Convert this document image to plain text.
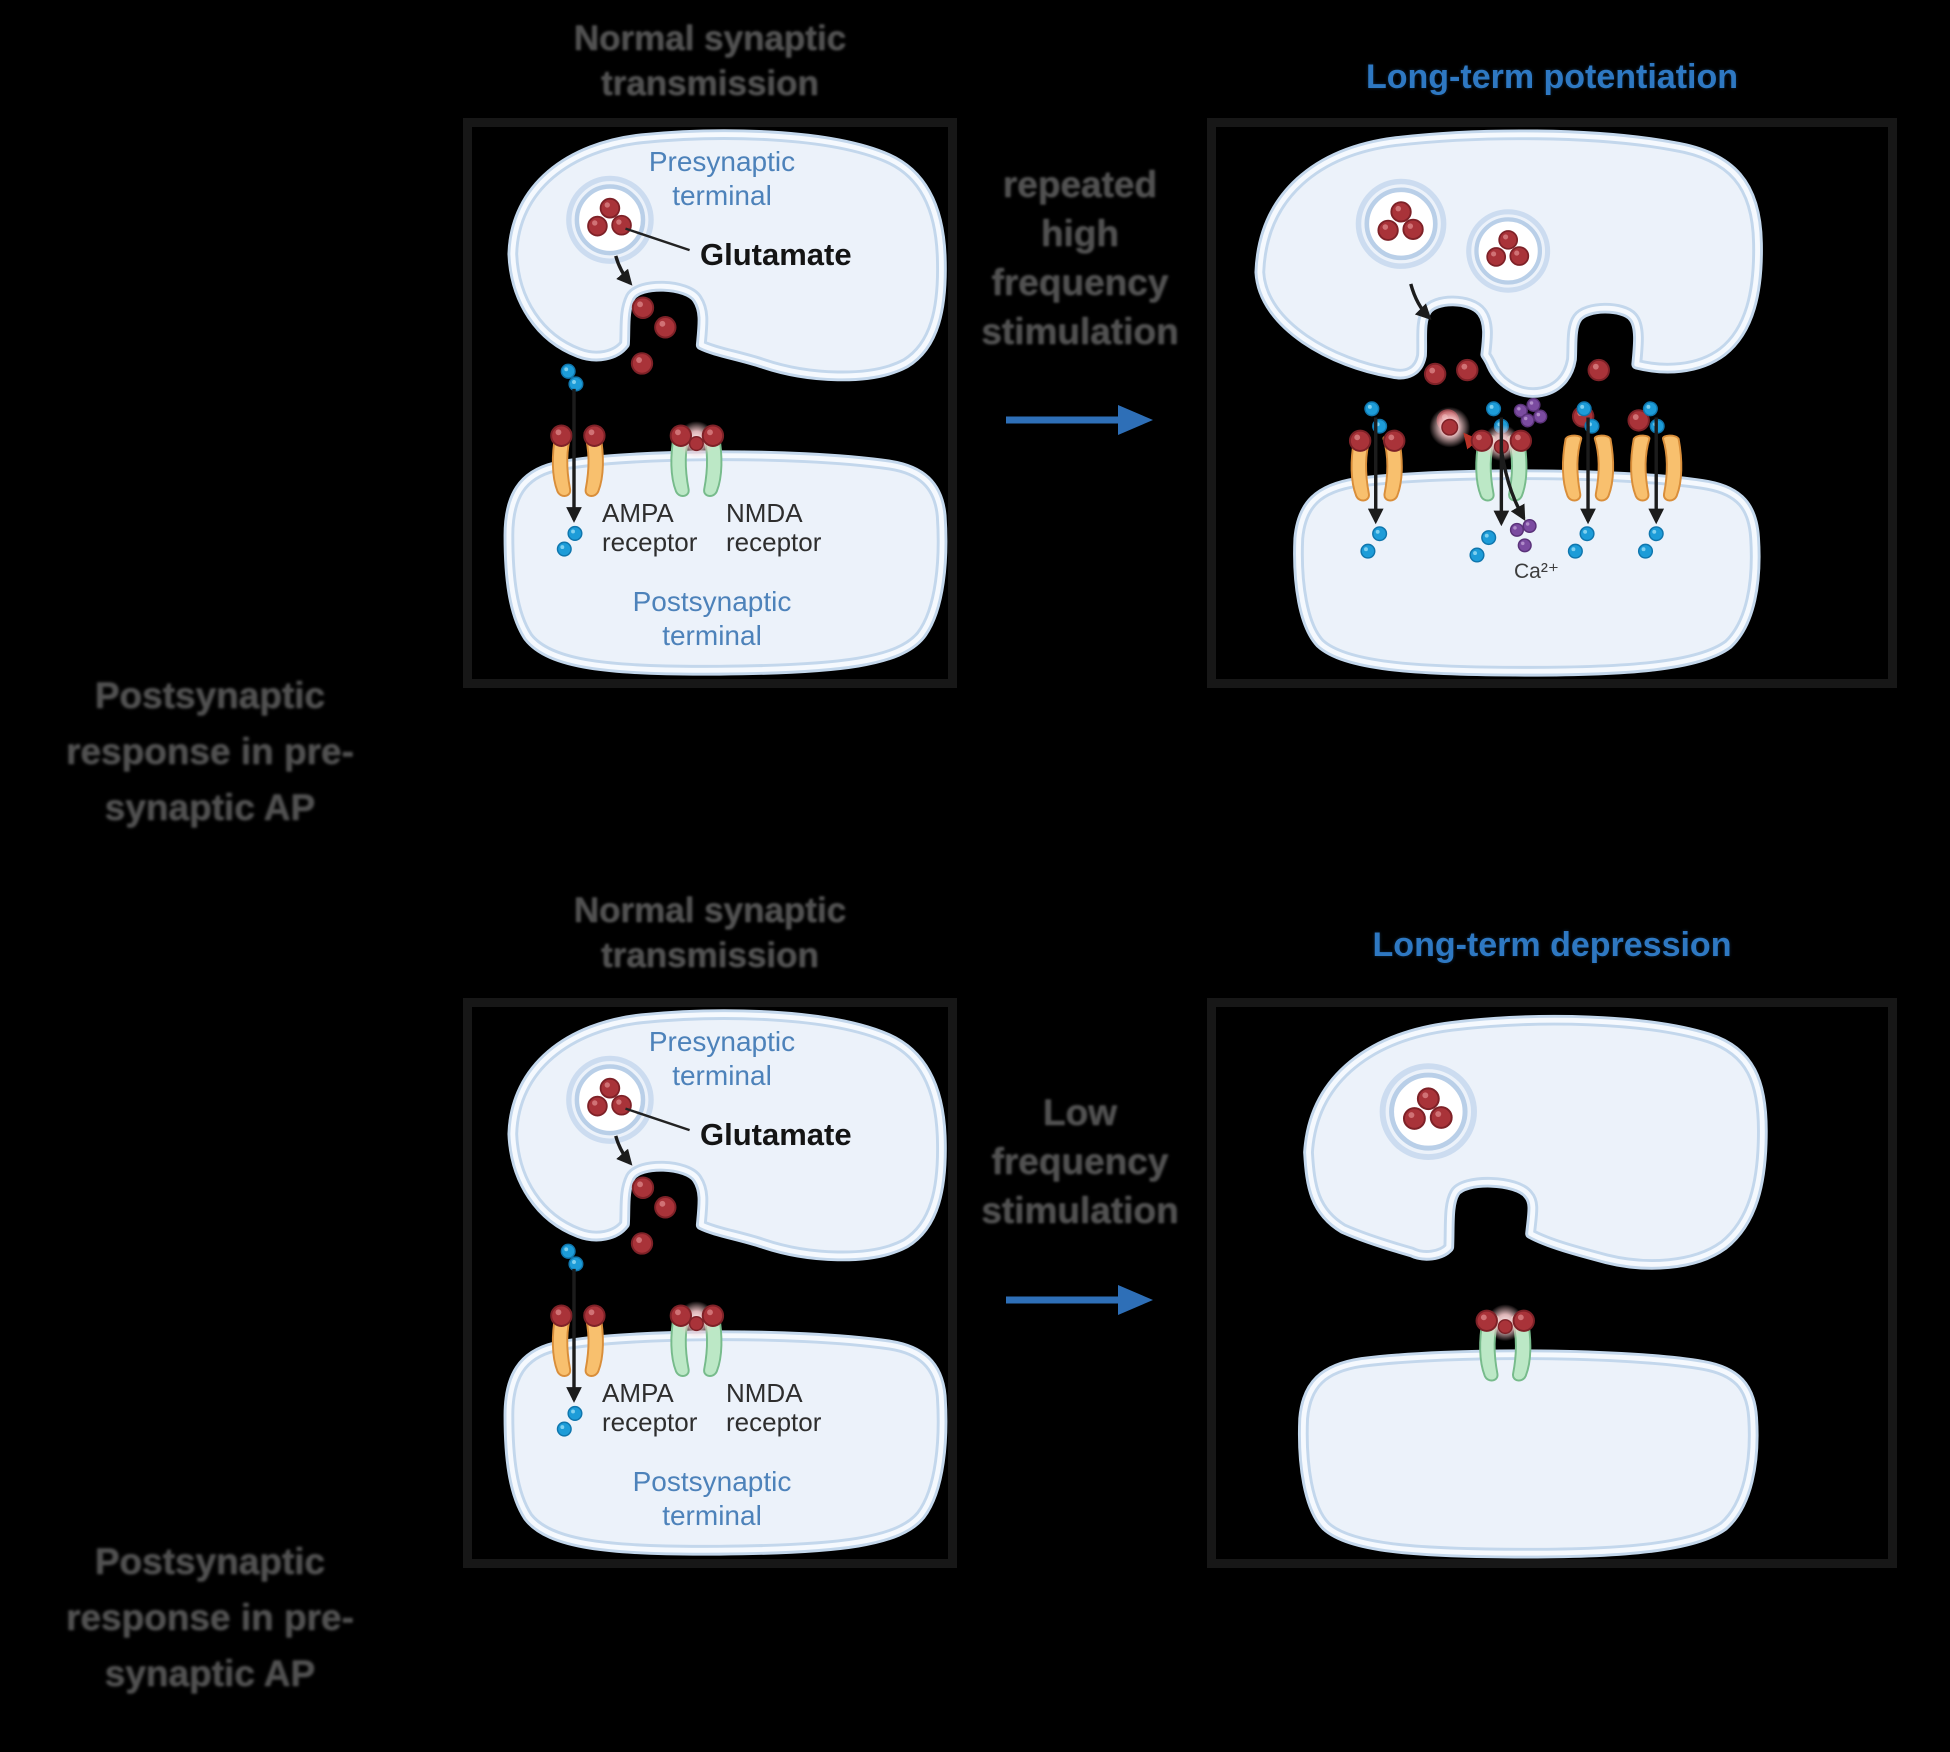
Normal synaptic
transmission	Long-term potentiation
Normal synaptic
transmission	Long-term depression
repeated
high
frequency
stimulation
Low
frequency
stimulation
Postsynaptic
response in pre-
synaptic AP
Postsynaptic
response in pre-
synaptic AP
Presynaptic
terminal
Glutamate
AMPA
receptor
NMDA
receptor
Postsynaptic
terminal
Ca²⁺
Presynaptic
terminal
Glutamate
AMPA
receptor
NMDA
receptor
Postsynaptic
terminal
